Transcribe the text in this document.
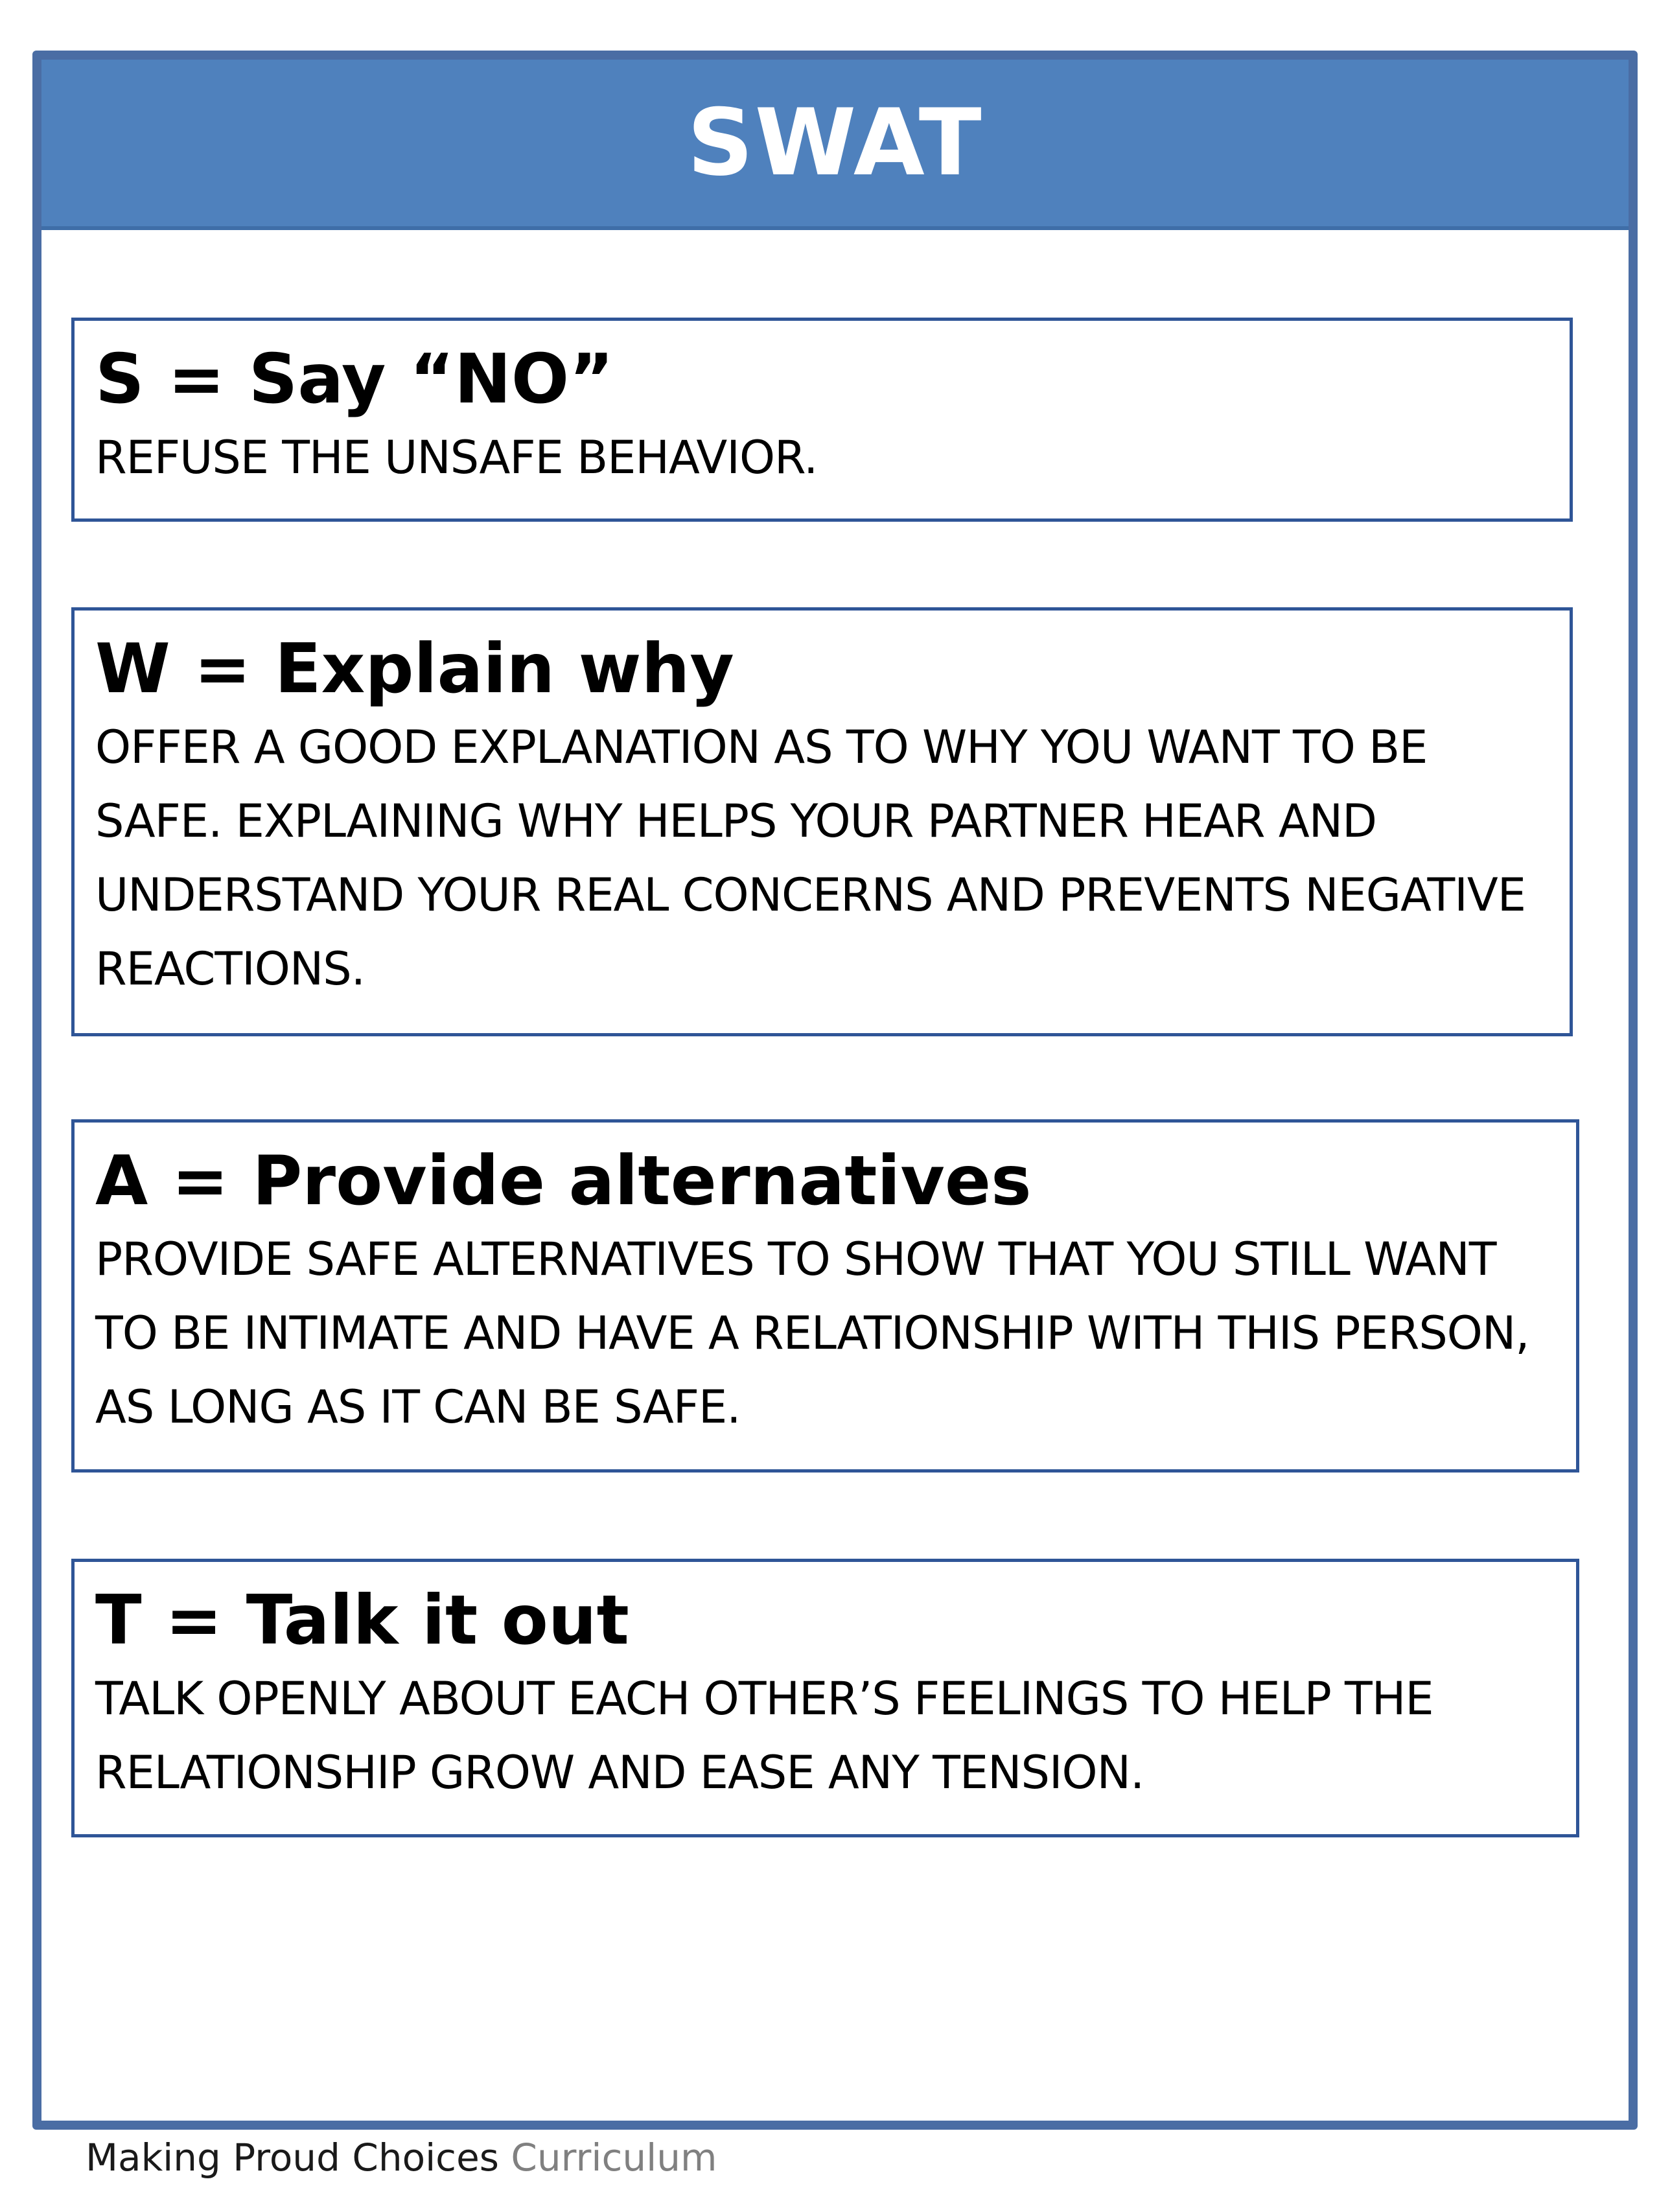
SWAT

S = Say “NO”

REFUSE THE UNSAFE BEHAVIOR.

W = Explain why

OFFER A GOOD EXPLANATION AS TO WHY YOU WANT TO BE SAFE. EXPLAINING WHY HELPS YOUR PARTNER HEAR AND UNDERSTAND YOUR REAL CONCERNS AND PREVENTS NEGATIVE REACTIONS.

A = Provide alternatives

PROVIDE SAFE ALTERNATIVES TO SHOW THAT YOU STILL WANT TO BE INTIMATE AND HAVE A RELATIONSHIP WITH THIS PERSON, AS LONG AS IT CAN BE SAFE.

T = Talk it out

TALK OPENLY ABOUT EACH OTHER’S FEELINGS TO HELP THE RELATIONSHIP GROW AND EASE ANY TENSION.

Making Proud Choices Curriculum
